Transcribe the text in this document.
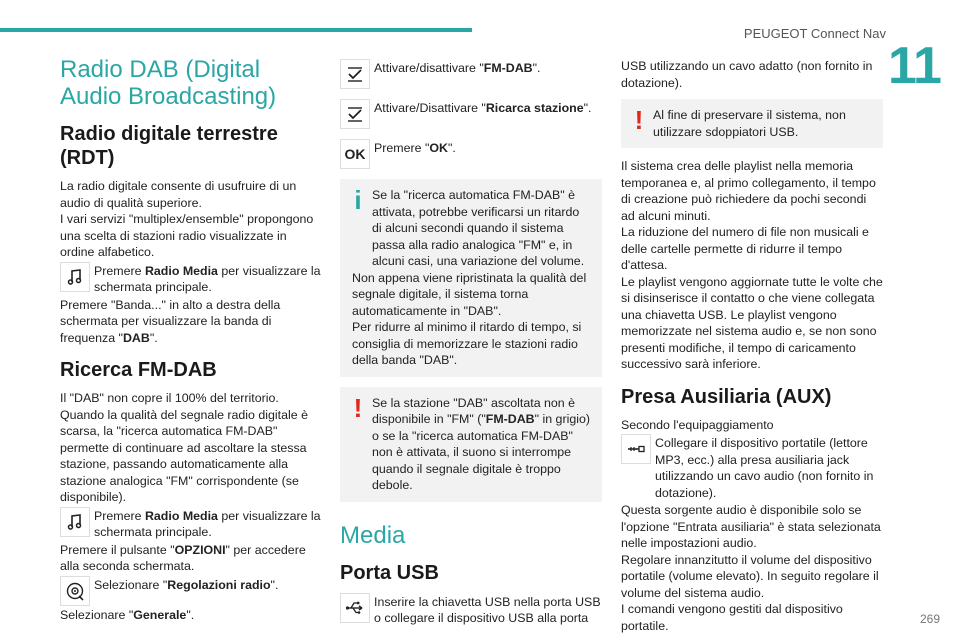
PEUGEOT Connect Nav
11
269
Radio DAB (Digital Audio Broadcasting)
Radio digitale terrestre (RDT)

La radio digitale consente di usufruire di un audio di qualità superiore.

I vari servizi "multiplex/ensemble" propongono una scelta di stazioni radio visualizzate in ordine alfabetico.

Premere Radio Media per visualizzare la schermata principale.

Premere "Banda..." in alto a destra della schermata per visualizzare la banda di frequenza "DAB".

Ricerca FM-DAB

Il "DAB" non copre il 100% del territorio.

Quando la qualità del segnale radio digitale è scarsa, la "ricerca automatica FM-DAB" permette di continuare ad ascoltare la stessa stazione, passando automaticamente alla stazione analogica "FM" corrispondente (se disponibile).

Premere Radio Media per visualizzare la schermata principale.

Premere il pulsante "OPZIONI" per accedere alla seconda schermata.

Selezionare "Regolazioni radio".

Selezionare "Generale".

Attivare/disattivare "FM-DAB".
Attivare/Disattivare "Ricarca stazione".
OK Premere "OK".
i Se la "ricerca automatica FM-DAB" è attivata, potrebbe verificarsi un ritardo di alcuni secondi quando il sistema passa alla radio analogica "FM" e, in alcuni casi, una variazione del volume.

Non appena viene ripristinata la qualità del segnale digitale, il sistema torna automaticamente in "DAB".

Per ridurre al minimo il ritardo di tempo, si consiglia di memorizzare le stazioni radio della banda "DAB".

! Se la stazione "DAB" ascoltata non è disponibile in "FM" ("FM-DAB" in grigio) o se la "ricerca automatica FM-DAB" non è attivata, il suono si interrompe quando il segnale digitale è troppo debole.

Media
Porta USB
Inserire la chiavetta USB nella porta USB o collegare il dispositivo USB alla porta

USB utilizzando un cavo adatto (non fornito in dotazione).

! Al fine di preservare il sistema, non utilizzare sdoppiatori USB.

Il sistema crea delle playlist nella memoria temporanea e, al primo collegamento, il tempo di creazione può richiedere da pochi secondi ad alcuni minuti.

La riduzione del numero di file non musicali e delle cartelle permette di ridurre il tempo d'attesa.

Le playlist vengono aggiornate tutte le volte che si disinserisce il contatto o che viene collegata una chiavetta USB. Le playlist vengono memorizzate nel sistema audio e, se non sono presenti modifiche, il tempo di caricamento successivo sarà inferiore.

Presa Ausiliaria (AUX)

Secondo l'equipaggiamento

Collegare il dispositivo portatile (lettore MP3, ecc.) alla presa ausiliaria jack utilizzando un cavo audio (non fornito in dotazione).

Questa sorgente audio è disponibile solo se l'opzione "Entrata ausiliaria" è stata selezionata nelle impostazioni audio.

Regolare innanzitutto il volume del dispositivo portatile (volume elevato). In seguito regolare il volume del sistema audio.

I comandi vengono gestiti dal dispositivo portatile.
